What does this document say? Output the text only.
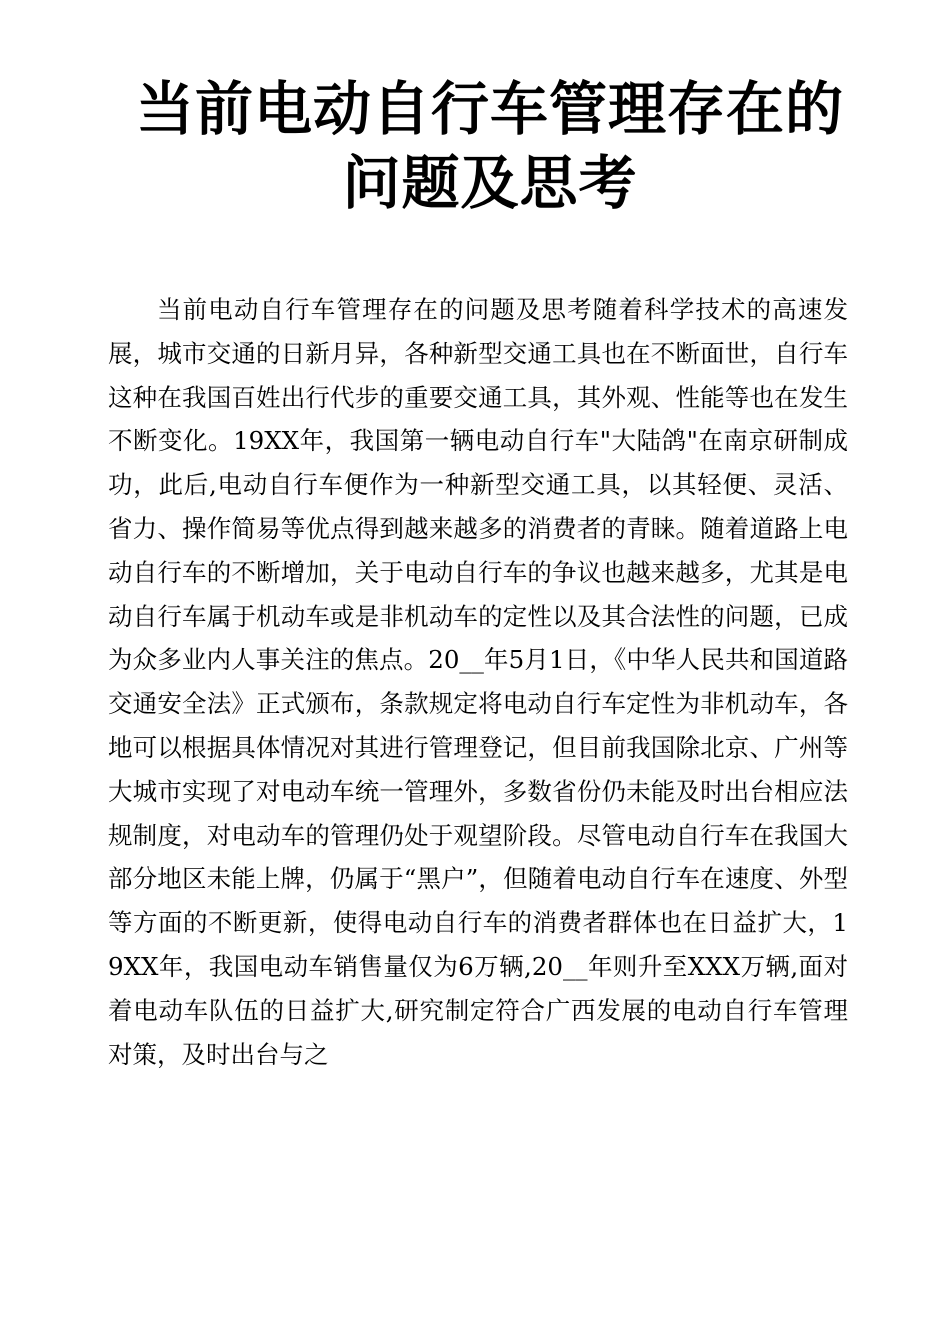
当前电动自行车管理存在的
问题及思考

当前电动自行车管理存在的问题及思考随着科学技术的高速发展，城市交通的日新月异，各种新型交通工具也在不断面世，自行车这种在我国百姓出行代步的重要交通工具，其外观、性能等也在发生不断变化。19XX年，我国第一辆电动自行车"大陆鸽"在南京研制成功，此后,电动自行车便作为一种新型交通工具，以其轻便、灵活、省力、操作简易等优点得到越来越多的消费者的青睐。随着道路上电动自行车的不断增加，关于电动自行车的争议也越来越多，尤其是电动自行车属于机动车或是非机动车的定性以及其合法性的问题，已成为众多业内人事关注的焦点。20__年5月1日，《中华人民共和国道路交通安全法》正式颁布，条款规定将电动自行车定性为非机动车，各地可以根据具体情况对其进行管理登记，但目前我国除北京、广州等大城市实现了对电动车统一管理外，多数省份仍未能及时出台相应法规制度，对电动车的管理仍处于观望阶段。尽管电动自行车在我国大部分地区未能上牌，仍属于“黑户”，但随着电动自行车在速度、外型等方面的不断更新，使得电动自行车的消费者群体也在日益扩大，19XX年，我国电动车销售量仅为6万辆,20__年则升至XXX万辆,面对着电动车队伍的日益扩大,研究制定符合广西发展的电动自行车管理对策，及时出台与之
